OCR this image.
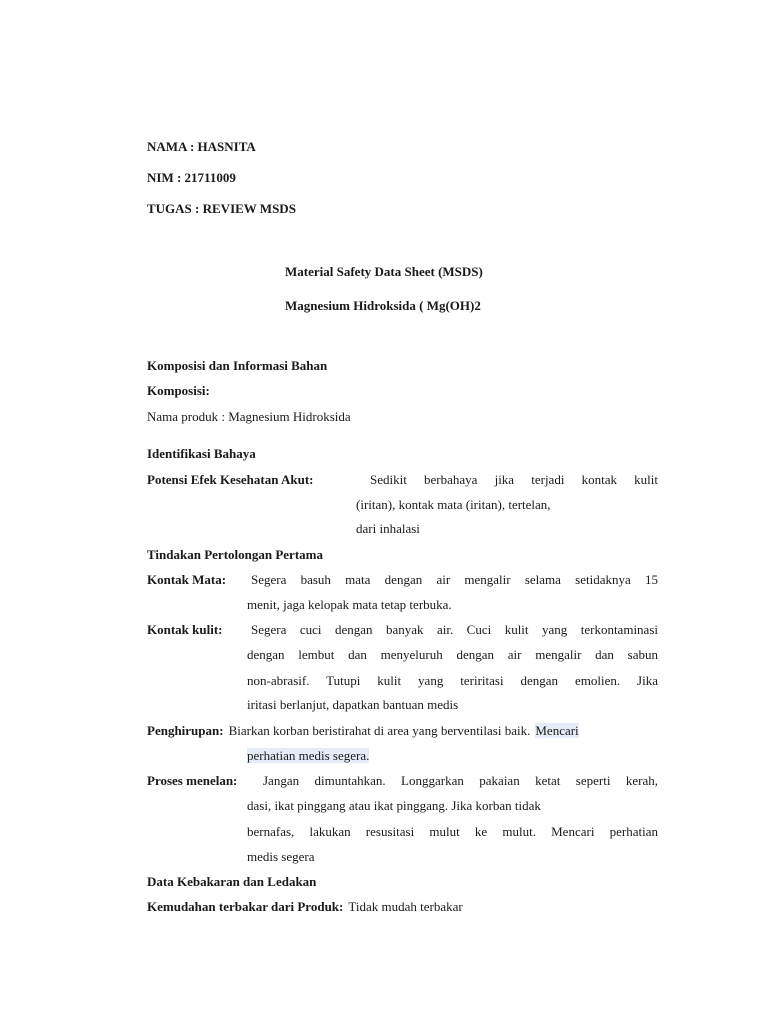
NAMA : HASNITA
NIM : 21711009
TUGAS : REVIEW MSDS
Material Safety Data Sheet (MSDS)
Magnesium Hidroksida ( Mg(OH)2
Komposisi dan Informasi Bahan
Komposisi:
Nama produk : Magnesium Hidroksida
Identifikasi Bahaya
Potensi Efek Kesehatan Akut:	Sedikit berbahaya jika terjadi kontak kulit
(iritan), kontak mata (iritan), tertelan,
dari inhalasi
Tindakan Pertolongan Pertama
Kontak Mata: Segera basuh mata dengan air mengalir selama setidaknya 15
menit, jaga kelopak mata tetap terbuka.
Kontak kulit: Segera cuci dengan banyak air. Cuci kulit yang terkontaminasi
dengan lembut dan menyeluruh dengan air mengalir dan sabun
non-abrasif. Tutupi kulit yang teriritasi dengan emolien. Jika
iritasi berlanjut, dapatkan bantuan medis
Penghirupan: Biarkan korban beristirahat di area yang berventilasi baik. Mencari
perhatian medis segera.
Proses menelan: Jangan dimuntahkan. Longgarkan pakaian ketat seperti kerah,
dasi, ikat pinggang atau ikat pinggang. Jika korban tidak
bernafas, lakukan resusitasi mulut ke mulut. Mencari perhatian
medis segera
Data Kebakaran dan Ledakan
Kemudahan terbakar dari Produk: Tidak mudah terbakar
